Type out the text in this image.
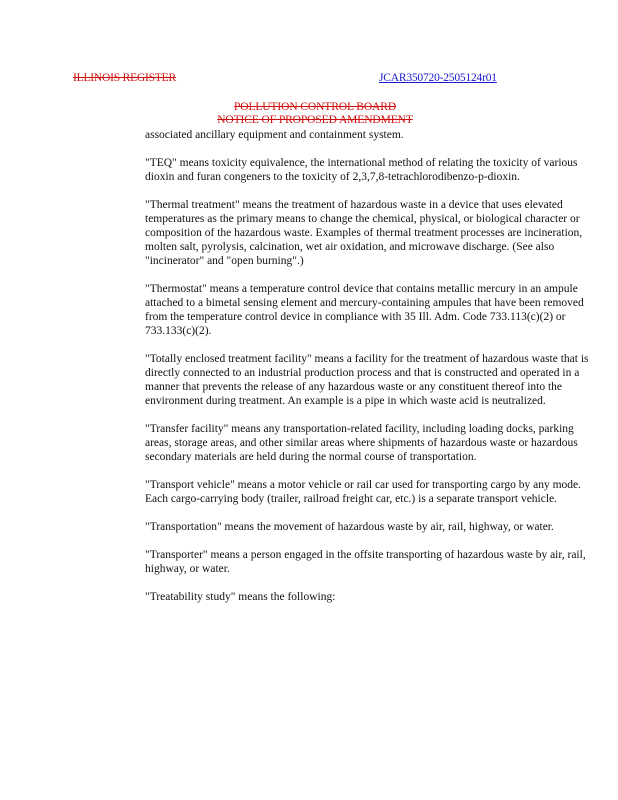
ILLINOIS REGISTER	JCAR350720-2505124r01
POLLUTION CONTROL BOARD
NOTICE OF PROPOSED AMENDMENT

associated ancillary equipment and containment system.

"TEQ" means toxicity equivalence, the international method of relating the toxicity of various dioxin and furan congeners to the toxicity of 2,3,7,8-tetrachlorodibenzo-p-dioxin.

"Thermal treatment" means the treatment of hazardous waste in a device that uses elevated temperatures as the primary means to change the chemical, physical, or biological character or composition of the hazardous waste. Examples of thermal treatment processes are incineration, molten salt, pyrolysis, calcination, wet air oxidation, and microwave discharge. (See also "incinerator" and "open burning".)

"Thermostat" means a temperature control device that contains metallic mercury in an ampule attached to a bimetal sensing element and mercury-containing ampules that have been removed from the temperature control device in compliance with 35 Ill. Adm. Code 733.113(c)(2) or 733.133(c)(2).

"Totally enclosed treatment facility" means a facility for the treatment of hazardous waste that is directly connected to an industrial production process and that is constructed and operated in a manner that prevents the release of any hazardous waste or any constituent thereof into the environment during treatment. An example is a pipe in which waste acid is neutralized.

"Transfer facility" means any transportation-related facility, including loading docks, parking areas, storage areas, and other similar areas where shipments of hazardous waste or hazardous secondary materials are held during the normal course of transportation.

"Transport vehicle" means a motor vehicle or rail car used for transporting cargo by any mode. Each cargo-carrying body (trailer, railroad freight car, etc.) is a separate transport vehicle.

"Transportation" means the movement of hazardous waste by air, rail, highway, or water.

"Transporter" means a person engaged in the offsite transporting of hazardous waste by air, rail, highway, or water.

"Treatability study" means the following:
